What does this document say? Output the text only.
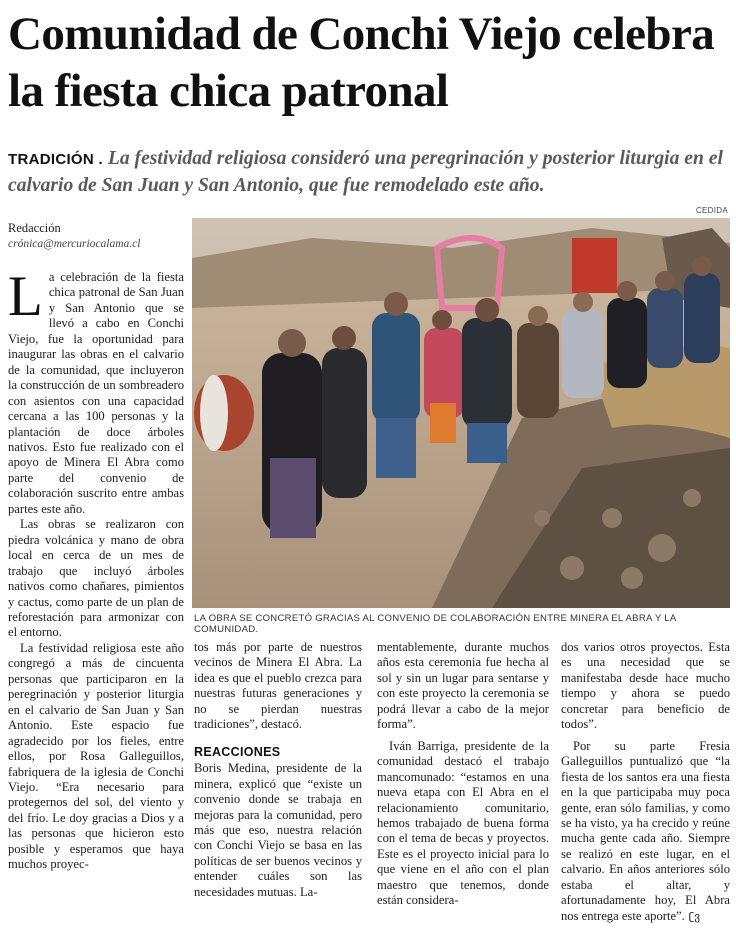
Comunidad de Conchi Viejo celebra la fiesta chica patronal
TRADICIÓN . La festividad religiosa consideró una peregrinación y posterior liturgia en el calvario de San Juan y San Antonio, que fue remodelado este año.
Redacción
crónica@mercuriocalama.cl
CEDIDA
LA OBRA SE CONCRETÓ GRACIAS AL CONVENIO DE COLABORACIÓN ENTRE MINERA EL ABRA Y LA COMUNIDAD.

La celebración de la fiesta chica patronal de San Juan y San Antonio que se llevó a cabo en Conchi Viejo, fue la oportunidad para inaugurar las obras en el calvario de la comunidad, que incluyeron la construcción de un sombreadero con asientos con una capacidad cercana a las 100 personas y la plantación de doce árboles nativos. Esto fue realizado con el apoyo de Minera El Abra como parte del convenio de colaboración suscrito entre ambas partes este año.

Las obras se realizaron con piedra volcánica y mano de obra local en cerca de un mes de trabajo que incluyó árboles nativos como chañares, pimientos y cactus, como parte de un plan de reforestación para armonizar con el entorno.

La festividad religiosa este año congregó a más de cincuenta personas que participaron en la peregrinación y posterior liturgia en el calvario de San Juan y San Antonio. Este espacio fue agradecido por los fieles, entre ellos, por Rosa Galleguillos, fabriquera de la iglesia de Conchi Viejo. “Era necesario para protegernos del sol, del viento y del frío. Le doy gracias a Dios y a las personas que hicieron esto posible y esperamos que haya muchos proyec-

tos más por parte de nuestros vecinos de Minera El Abra. La idea es que el pueblo crezca para nuestras futuras generaciones y no se pierdan nuestras tradiciones”, destacó.

REACCIONES

Boris Medina, presidente de la minera, explicó que “existe un convenio donde se trabaja en mejoras para la comunidad, pero más que eso, nuestra relación con Conchi Viejo se basa en las políticas de ser buenos vecinos y entender cuáles son las necesidades mutuas. La-

mentablemente, durante muchos años esta ceremonia fue hecha al sol y sin un lugar para sentarse y con este proyecto la ceremonia se podrá llevar a cabo de la mejor forma”.

Iván Barriga, presidente de la comunidad destacó el trabajo mancomunado: “estamos en una nueva etapa con El Abra en el relacionamiento comunitario, hemos trabajado de buena forma con el tema de becas y proyectos. Este es el proyecto inicial para lo que viene en el año con el plan maestro que tenemos, donde están considera-

dos varios otros proyectos. Esta es una necesidad que se manifestaba desde hace mucho tiempo y ahora se puedo concretar para beneficio de todos”.

Por su parte Fresia Galleguillos puntualizó que “la fiesta de los santos era una fiesta en la que participaba muy poca gente, eran sólo familias, y como se ha visto, ya ha crecido y reúne mucha gente cada año. Siempre se realizó en este lugar, en el calvario. En años anteriores sólo estaba el altar, y afortunadamente hoy, El Abra nos entrega este aporte”. ʗვ
